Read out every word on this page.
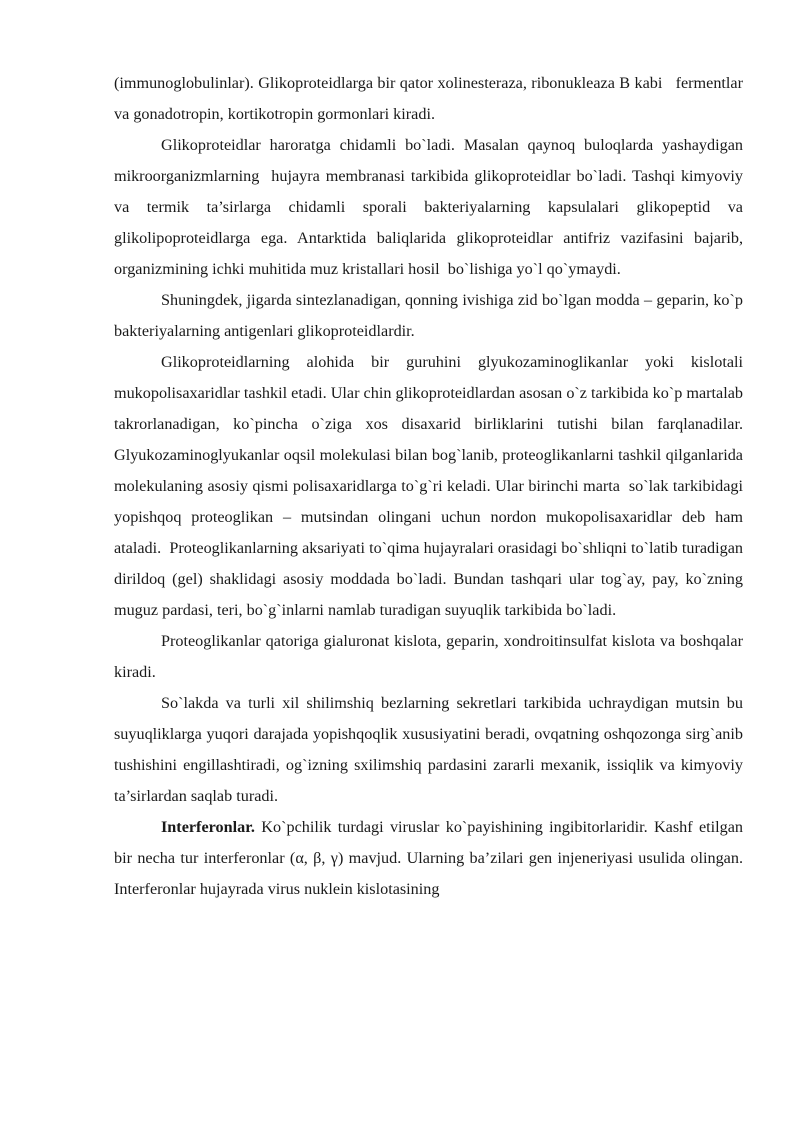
(immunoglobulinlar). Glikoproteidlarga bir qator xolinesteraza, ribonukleaza B kabi   fermentlar va gonadotropin, kortikotropin gormonlari kiradi.

Glikoproteidlar haroratga chidamli bo`ladi. Masalan qaynoq buloqlarda yashaydigan mikroorganizmlarning  hujayra membranasi tarkibida glikoproteidlar bo`ladi. Tashqi kimyoviy va termik ta’sirlarga chidamli sporali bakteriyalarning kapsulalari glikopeptid va glikolipoproteidlarga ega. Antarktida baliqlarida glikoproteidlar antifriz vazifasini bajarib, organizmining ichki muhitida muz kristallari hosil  bo`lishiga yo`l qo`ymaydi.

Shuningdek, jigarda sintezlanadigan, qonning ivishiga zid bo`lgan modda – geparin, ko`p bakteriyalarning antigenlari glikoproteidlardir.

Glikoproteidlarning alohida bir guruhini glyukozaminoglikanlar yoki kislotali mukopolisaxaridlar tashkil etadi. Ular chin glikoproteidlardan asosan o`z tarkibida ko`p martalab takrorlanadigan, ko`pincha o`ziga xos disaxarid birliklarini tutishi bilan farqlanadilar. Glyukozaminoglyukanlar oqsil molekulasi bilan bog`lanib, proteoglikanlarni tashkil qilganlarida molekulaning asosiy qismi polisaxaridlarga to`g`ri keladi. Ular birinchi marta  so`lak tarkibidagi yopishqoq proteoglikan – mutsindan olingani uchun nordon mukopolisaxaridlar deb ham ataladi.  Proteoglikanlarning aksariyati to`qima hujayralari orasidagi bo`shliqni to`latib turadigan dirildoq (gel) shaklidagi asosiy moddada bo`ladi. Bundan tashqari ular tog`ay, pay, ko`zning muguz pardasi, teri, bo`g`inlarni namlab turadigan suyuqlik tarkibida bo`ladi.

Proteoglikanlar qatoriga gialuronat kislota, geparin, xondroitinsulfat kislota va boshqalar kiradi.

So`lakda va turli xil shilimshiq bezlarning sekretlari tarkibida uchraydigan mutsin bu suyuqliklarga yuqori darajada yopishqoqlik xususiyatini beradi, ovqatning oshqozonga sirg`anib tushishini engillashtiradi, og`izning sxilimshiq pardasini zararli mexanik, issiqlik va kimyoviy ta’sirlardan saqlab turadi.

Interferonlar. Ko`pchilik turdagi viruslar ko`payishining ingibitorlaridir. Kashf etilgan bir necha tur interferonlar (α, β, γ) mavjud. Ularning ba’zilari gen injeneriyasi usulida olingan. Interferonlar hujayrada virus nuklein kislotasining
